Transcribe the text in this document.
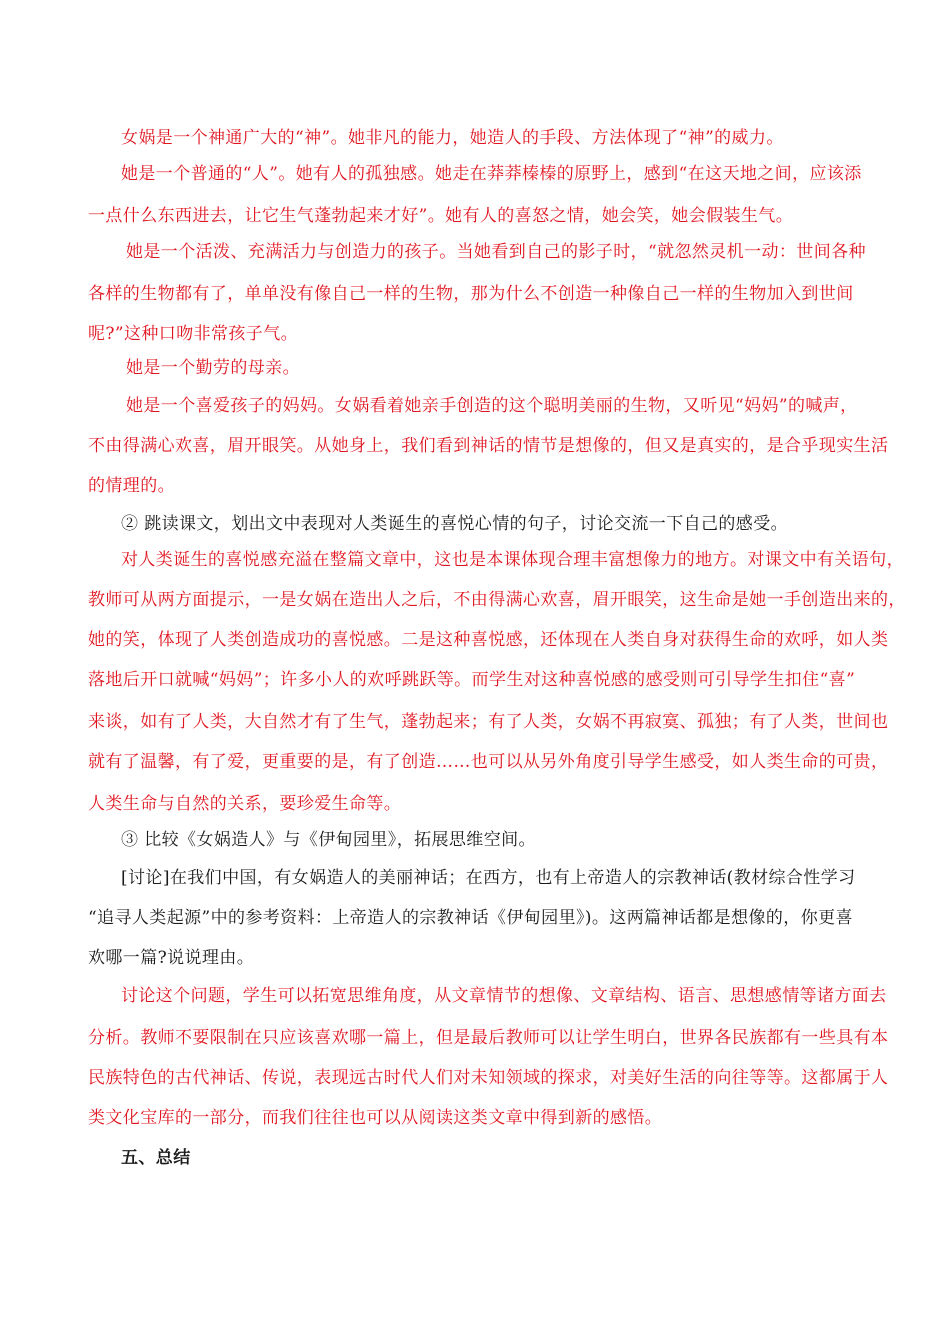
女娲是一个神通广大的“神”。她非凡的能力，她造人的手段、方法体现了“神”的威力。
她是一个普通的“人”。她有人的孤独感。她走在莽莽榛榛的原野上，感到“在这天地之间，应该添
一点什么东西进去，让它生气蓬勃起来才好”。她有人的喜怒之情，她会笑，她会假装生气。
她是一个活泼、充满活力与创造力的孩子。当她看到自己的影子时，“就忽然灵机一动：世间各种
各样的生物都有了，单单没有像自己一样的生物，那为什么不创造一种像自己一样的生物加入到世间
呢?”这种口吻非常孩子气。
她是一个勤劳的母亲。
她是一个喜爱孩子的妈妈。女娲看着她亲手创造的这个聪明美丽的生物，又听见“妈妈”的喊声，
不由得满心欢喜，眉开眼笑。从她身上，我们看到神话的情节是想像的，但又是真实的，是合乎现实生活
的情理的。
② 跳读课文，划出文中表现对人类诞生的喜悦心情的句子，讨论交流一下自己的感受。
对人类诞生的喜悦感充溢在整篇文章中，这也是本课体现合理丰富想像力的地方。对课文中有关语句，
教师可从两方面提示，一是女娲在造出人之后，不由得满心欢喜，眉开眼笑，这生命是她一手创造出来的，
她的笑，体现了人类创造成功的喜悦感。二是这种喜悦感，还体现在人类自身对获得生命的欢呼，如人类
落地后开口就喊“妈妈”；许多小人的欢呼跳跃等。而学生对这种喜悦感的感受则可引导学生扣住“喜”
来谈，如有了人类，大自然才有了生气，蓬勃起来；有了人类，女娲不再寂寞、孤独；有了人类，世间也
就有了温馨，有了爱，更重要的是，有了创造……也可以从另外角度引导学生感受，如人类生命的可贵，
人类生命与自然的关系，要珍爱生命等。
③ 比较《女娲造人》与《伊甸园里》，拓展思维空间。
[讨论]在我们中国，有女娲造人的美丽神话；在西方，也有上帝造人的宗教神话(教材综合性学习
“追寻人类起源”中的参考资料：上帝造人的宗教神话《伊甸园里》)。这两篇神话都是想像的，你更喜
欢哪一篇?说说理由。
讨论这个问题，学生可以拓宽思维角度，从文章情节的想像、文章结构、语言、思想感情等诸方面去
分析。教师不要限制在只应该喜欢哪一篇上，但是最后教师可以让学生明白，世界各民族都有一些具有本
民族特色的古代神话、传说，表现远古时代人们对未知领域的探求，对美好生活的向往等等。这都属于人
类文化宝库的一部分，而我们往往也可以从阅读这类文章中得到新的感悟。
五、总结
